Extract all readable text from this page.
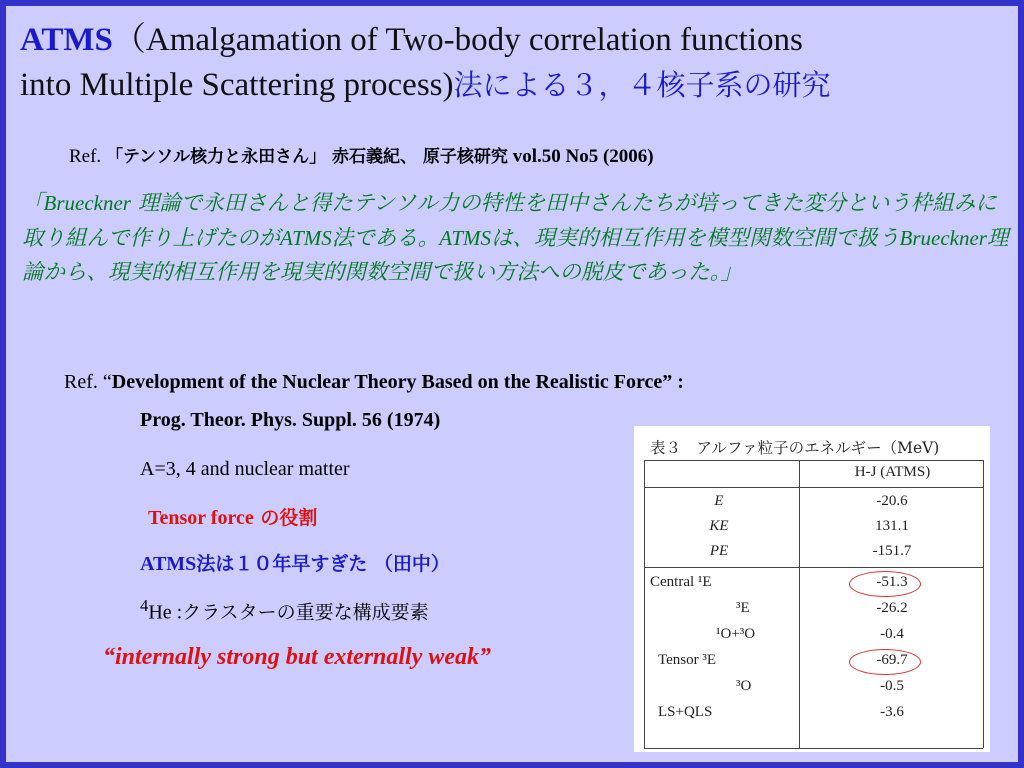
ATMS（Amalgamation of Two-body correlation functions
into Multiple Scattering process)法による３，４核子系の研究
Ref. 「テンソル核力と永田さん」 赤石義紀、 原子核研究 vol.50 No5 (2006)
「Brueckner 理論で永田さんと得たテンソル力の特性を田中さんたちが培ってきた変分という枠組みに取り組んで作り上げたのがATMS法である。ATMSは、現実的相互作用を模型関数空間で扱うBrueckner理論から、現実的相互作用を現実的関数空間で扱い方法への脱皮であった。」
Ref. “Development of the Nuclear Theory Based on the Realistic Force” :
Prog. Theor. Phys. Suppl. 56 (1974)
A=3, 4 and nuclear matter
Tensor force の役割
ATMS法は１０年早すぎた （田中）
$^4$He :クラスターの重要な構成要素
“internally strong but externally weak”
表３　アルファ粒子のエネルギー（MeV)
H-J (ATMS)
E	-20.6
KE	131.1
PE	-151.7
Central ¹E	-51.3
³E	-26.2
¹O+³O	-0.4
Tensor ³E	-69.7
³O	-0.5
LS+QLS	-3.6
